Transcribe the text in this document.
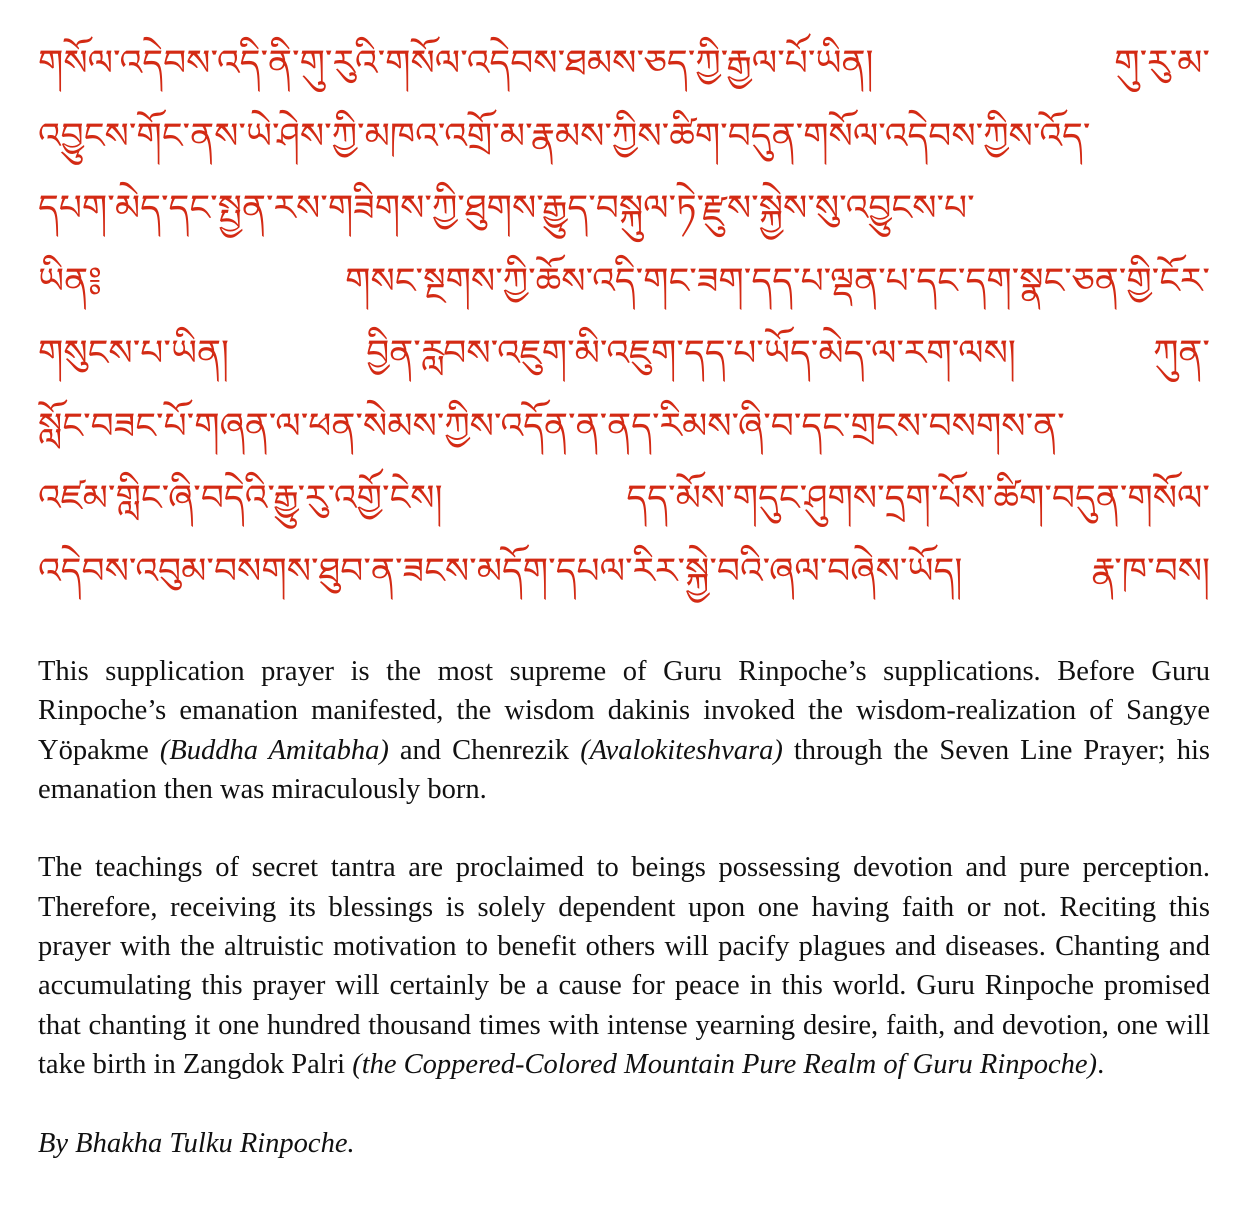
གསོལ་འདེབས་འདི་ནི་གུ་རུའི་གསོལ་འདེབས་ཐམས་ཅད་ཀྱི་རྒྱལ་པོ་ཡིན།	གུ་རུ་མ་
འབྱུངས་གོང་ནས་ཡེ་ཤེས་ཀྱི་མཁའ་འགྲོ་མ་རྣམས་ཀྱིས་ཚིག་བདུན་གསོལ་འདེབས་ཀྱིས་འོད་
དཔག་མེད་དང་སྤྱན་རས་གཟིགས་ཀྱི་ཐུགས་རྒྱུད་བསྐུལ་ཏེ་རྫུས་སྐྱེས་སུ་འབྱུངས་པ་
ཡིན༔	གསང་སྔགས་ཀྱི་ཆོས་འདི་གང་ཟག་དད་པ་ལྡན་པ་དང་དག་སྣང་ཅན་གྱི་ངོར་
གསུངས་པ་ཡིན།	བྱིན་རླབས་འཇུག་མི་འཇུག་དད་པ་ཡོད་མེད་ལ་རག་ལས།	ཀུན་
སློང་བཟང་པོ་གཞན་ལ་ཕན་སེམས་ཀྱིས་འདོན་ན་ནད་རིམས་ཞི་བ་དང་གྲངས་བསགས་ན་
འཛམ་གླིང་ཞི་བདེའི་རྒྱུ་རུ་འགྱོ་ངེས།	དད་མོས་གདུང་ཤུགས་དྲག་པོས་ཚིག་བདུན་གསོལ་
འདེབས་འབུམ་བསགས་ཐུབ་ན་ཟངས་མདོག་དཔལ་རིར་སྐྱེ་བའི་ཞལ་བཞེས་ཡོད།	རྣ་ཁ་བས།

This supplication prayer is the most supreme of Guru Rinpoche’s supplications. Before Guru Rinpoche’s emanation manifested, the wisdom dakinis invoked the wisdom-realization of Sangye Yöpakme (Buddha Amitabha) and Chenrezik (Avalokiteshvara) through the Seven Line Prayer; his emanation then was miraculously born.

The teachings of secret tantra are proclaimed to beings possessing devotion and pure perception. Therefore, receiving its blessings is solely dependent upon one having faith or not. Reciting this prayer with the altruistic motivation to benefit others will pacify plagues and diseases. Chanting and accumulating this prayer will certainly be a cause for peace in this world. Guru Rinpoche promised that chanting it one hundred thousand times with intense yearning desire, faith, and devotion, one will take birth in Zangdok Palri (the Coppered-Colored Mountain Pure Realm of Guru Rinpoche).

By Bhakha Tulku Rinpoche.
